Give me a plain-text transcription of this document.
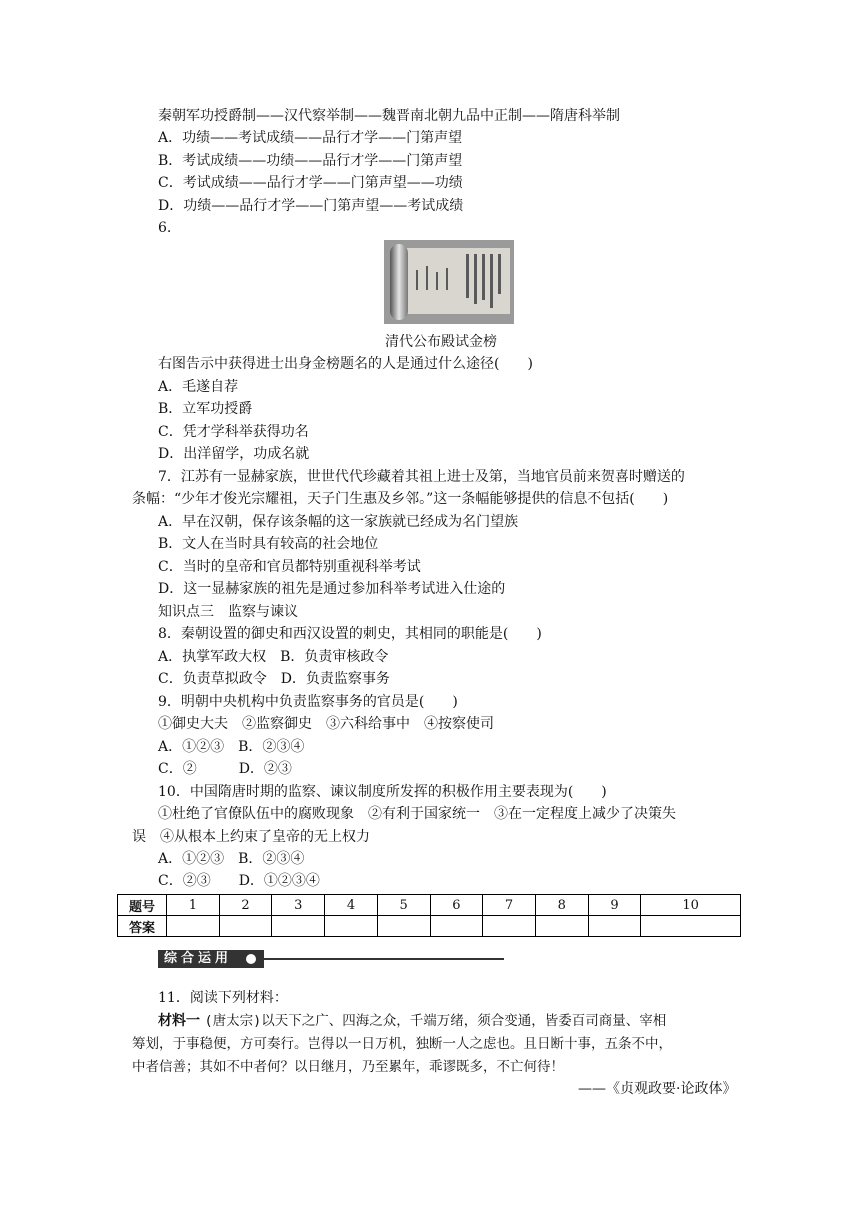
秦朝军功授爵制——汉代察举制——魏晋南北朝九品中正制——隋唐科举制
A．功绩——考试成绩——品行才学——门第声望
B．考试成绩——功绩——品行才学——门第声望
C．考试成绩——品行才学——门第声望——功绩
D．功绩——品行才学——门第声望——考试成绩
6.
清代公布殿试金榜
右图告示中获得进士出身金榜题名的人是通过什么途径(　　)
A．毛遂自荐
B．立军功授爵
C．凭才学科举获得功名
D．出洋留学，功成名就
7．江苏有一显赫家族，世世代代珍藏着其祖上进士及第，当地官员前来贺喜时赠送的
条幅：“少年才俊光宗耀祖，天子门生惠及乡邻。”这一条幅能够提供的信息不包括(　　)
A．早在汉朝，保存该条幅的这一家族就已经成为名门望族
B．文人在当时具有较高的社会地位
C．当时的皇帝和官员都特别重视科举考试
D．这一显赫家族的祖先是通过参加科举考试进入仕途的
知识点三　监察与谏议
8．秦朝设置的御史和西汉设置的刺史，其相同的职能是(　　)
A．执掌军政大权　B．负责审核政令
C．负责草拟政令　D．负责监察事务
9．明朝中央机构中负责监察事务的官员是(　　)
①御史大夫　②监察御史　③六科给事中　④按察使司
A．①②③　B．②③④
C．②　　　D．②③
10．中国隋唐时期的监察、谏议制度所发挥的积极作用主要表现为(　　)
①杜绝了官僚队伍中的腐败现象　②有利于国家统一　③在一定程度上减少了决策失
误　④从根本上约束了皇帝的无上权力
A．①②③　B．②③④
C．②③　　D．①②③④
题号	1	2	3	4	5	6	7	8	9	10
答案										
综合运用
11．阅读下列材料：
材料一 (唐太宗)以天下之广、四海之众，千端万绪，须合变通，皆委百司商量、宰相
筹划，于事稳便，方可奏行。岂得以一日万机，独断一人之虑也。且日断十事，五条不中，
中者信善；其如不中者何？以日继月，乃至累年，乖谬既多，不亡何待！
——《贞观政要·论政体》
